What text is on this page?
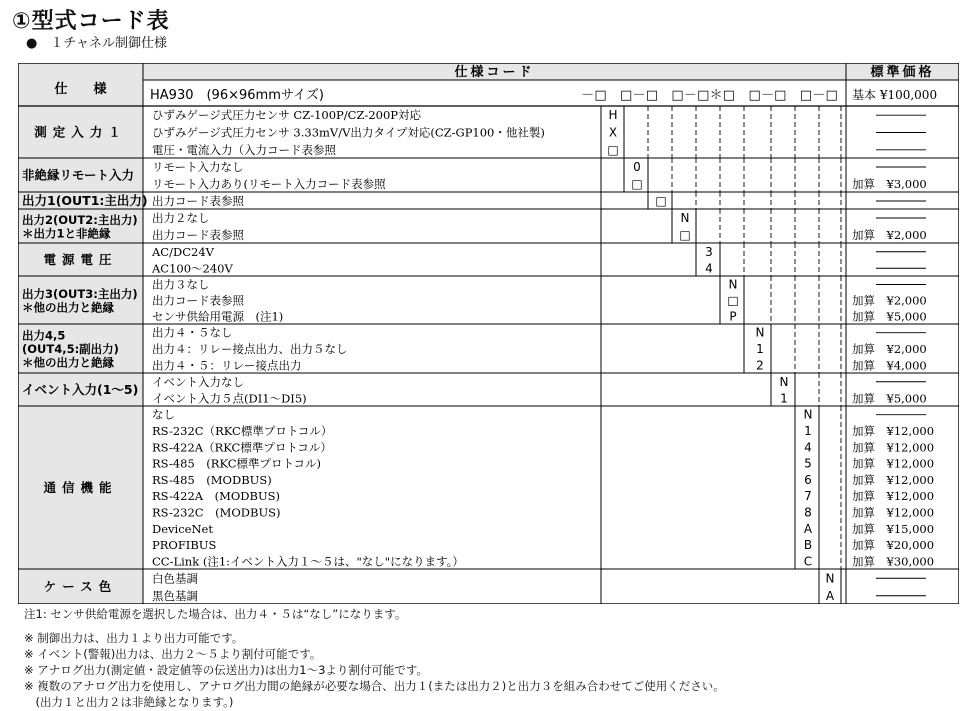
①型式コード表
●　１チャネル制御仕様
仕　　様
仕様コード	標準価格
HA930　(96×96mmサイズ)	－□　□－□　□－□＊□　□－□　□－□ 基本 ¥100,000
測定入力１
ひずみゲージ式圧力センサ CZ-100P/CZ-200P対応	H
ひずみゲージ式圧力センサ 3.33mV/V出力タイプ対応(CZ-GP100・他社製)	X
電圧・電流入力（入力コード表参照	□
非絶縁リモート入力
リモート入力なし	0
リモート入力あり(リモート入力コード表参照	□	加算　¥3,000
出力1(OUT1:主出力) 出力コード表参照	□
出力2(OUT2:主出力)
＊出力1と非絶縁
出力２なし	N
出力コード表参照	□	加算　¥2,000
電源電圧
AC/DC24V	3
AC100～240V	4
出力3(OUT3:主出力)
＊他の出力と絶縁
出力３なし	N
出力コード表参照	□	加算　¥2,000
センサ供給用電源　(注1)	P	加算　¥5,000
出力4,5
(OUT4,5:副出力)
＊他の出力と絶縁
出力４・５なし	N
出力４：リレー接点出力、出力５なし	1	加算　¥2,000
出力４・５：リレー接点出力	2	加算　¥4,000
イベント入力(1～5)
イベント入力なし	N
イベント入力５点(DI1～DI5)	1	加算　¥5,000
通信機能
なし	N
RS-232C（RKC標準プロトコル）	1	加算　¥12,000
RS-422A（RKC標準プロトコル）	4	加算　¥12,000
RS-485　(RKC標準プロトコル)	5	加算　¥12,000
RS-485　(MODBUS)	6	加算　¥12,000
RS-422A　(MODBUS)	7	加算　¥12,000
RS-232C　(MODBUS)	8	加算　¥12,000
DeviceNet	A	加算　¥15,000
PROFIBUS	B	加算　¥20,000
CC-Link (注1:イベント入力１～５は、"なし"になります。）	C	加算　¥30,000
ケース色
白色基調	N
黒色基調	A
注1: センサ供給電源を選択した場合は、出力４・５は“なし”になります。
※ 制御出力は、出力１より出力可能です。
※ イベント(警報)出力は、出力２～５より割付可能です。
※ アナログ出力(測定値・設定値等の伝送出力)は出力1～3より割付可能です。
※ 複数のアナログ出力を使用し、アナログ出力間の絶縁が必要な場合、出力１(または出力２)と出力３を組み合わせてご使用ください。
　(出力１と出力２は非絶縁となります。)
